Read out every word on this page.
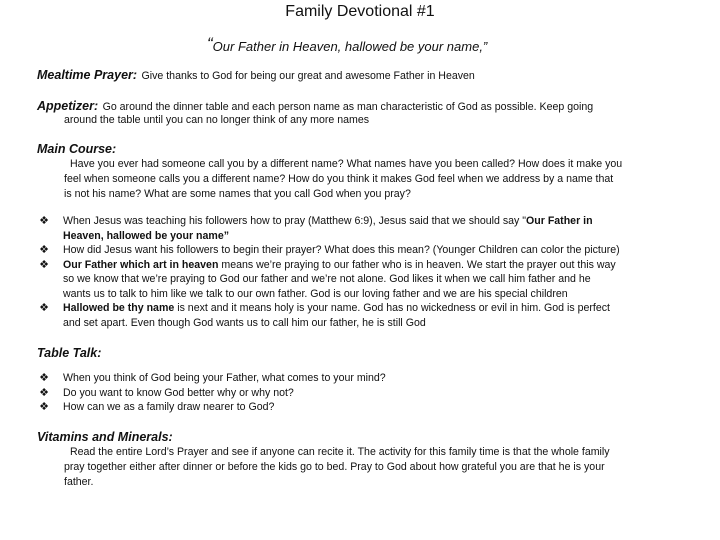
Family Devotional #1
“Our Father in Heaven, hallowed be your name,”
Mealtime Prayer: Give thanks to God for being our great and awesome Father in Heaven
Appetizer: Go around the dinner table and each person name as man characteristic of God as possible. Keep going
around the table until you can no longer think of any more names
Main Course:
Have you ever had someone call you by a different name? What names have you been called? How does it make you
feel when someone calls you a different name? How do you think it makes God feel when we address by a name that
is not his name? What are some names that you call God when you pray?
❖ When Jesus was teaching his followers how to pray (Matthew 6:9), Jesus said that we should say "Our Father in
Heaven, hallowed be your name”
❖ How did Jesus want his followers to begin their prayer? What does this mean? (Younger Children can color the picture)
❖ Our Father which art in heaven means we’re praying to our father who is in heaven. We start the prayer out this way
so we know that we’re praying to God our father and we’re not alone. God likes it when we call him father and he
wants us to talk to him like we talk to our own father. God is our loving father and we are his special children
❖ Hallowed be thy name is next and it means holy is your name. God has no wickedness or evil in him. God is perfect
and set apart. Even though God wants us to call him our father, he is still God
Table Talk:
❖ When you think of God being your Father, what comes to your mind?
❖ Do you want to know God better why or why not?
❖ How can we as a family draw nearer to God?
Vitamins and Minerals:
Read the entire Lord’s Prayer and see if anyone can recite it. The activity for this family time is that the whole family
pray together either after dinner or before the kids go to bed. Pray to God about how grateful you are that he is your
father.
